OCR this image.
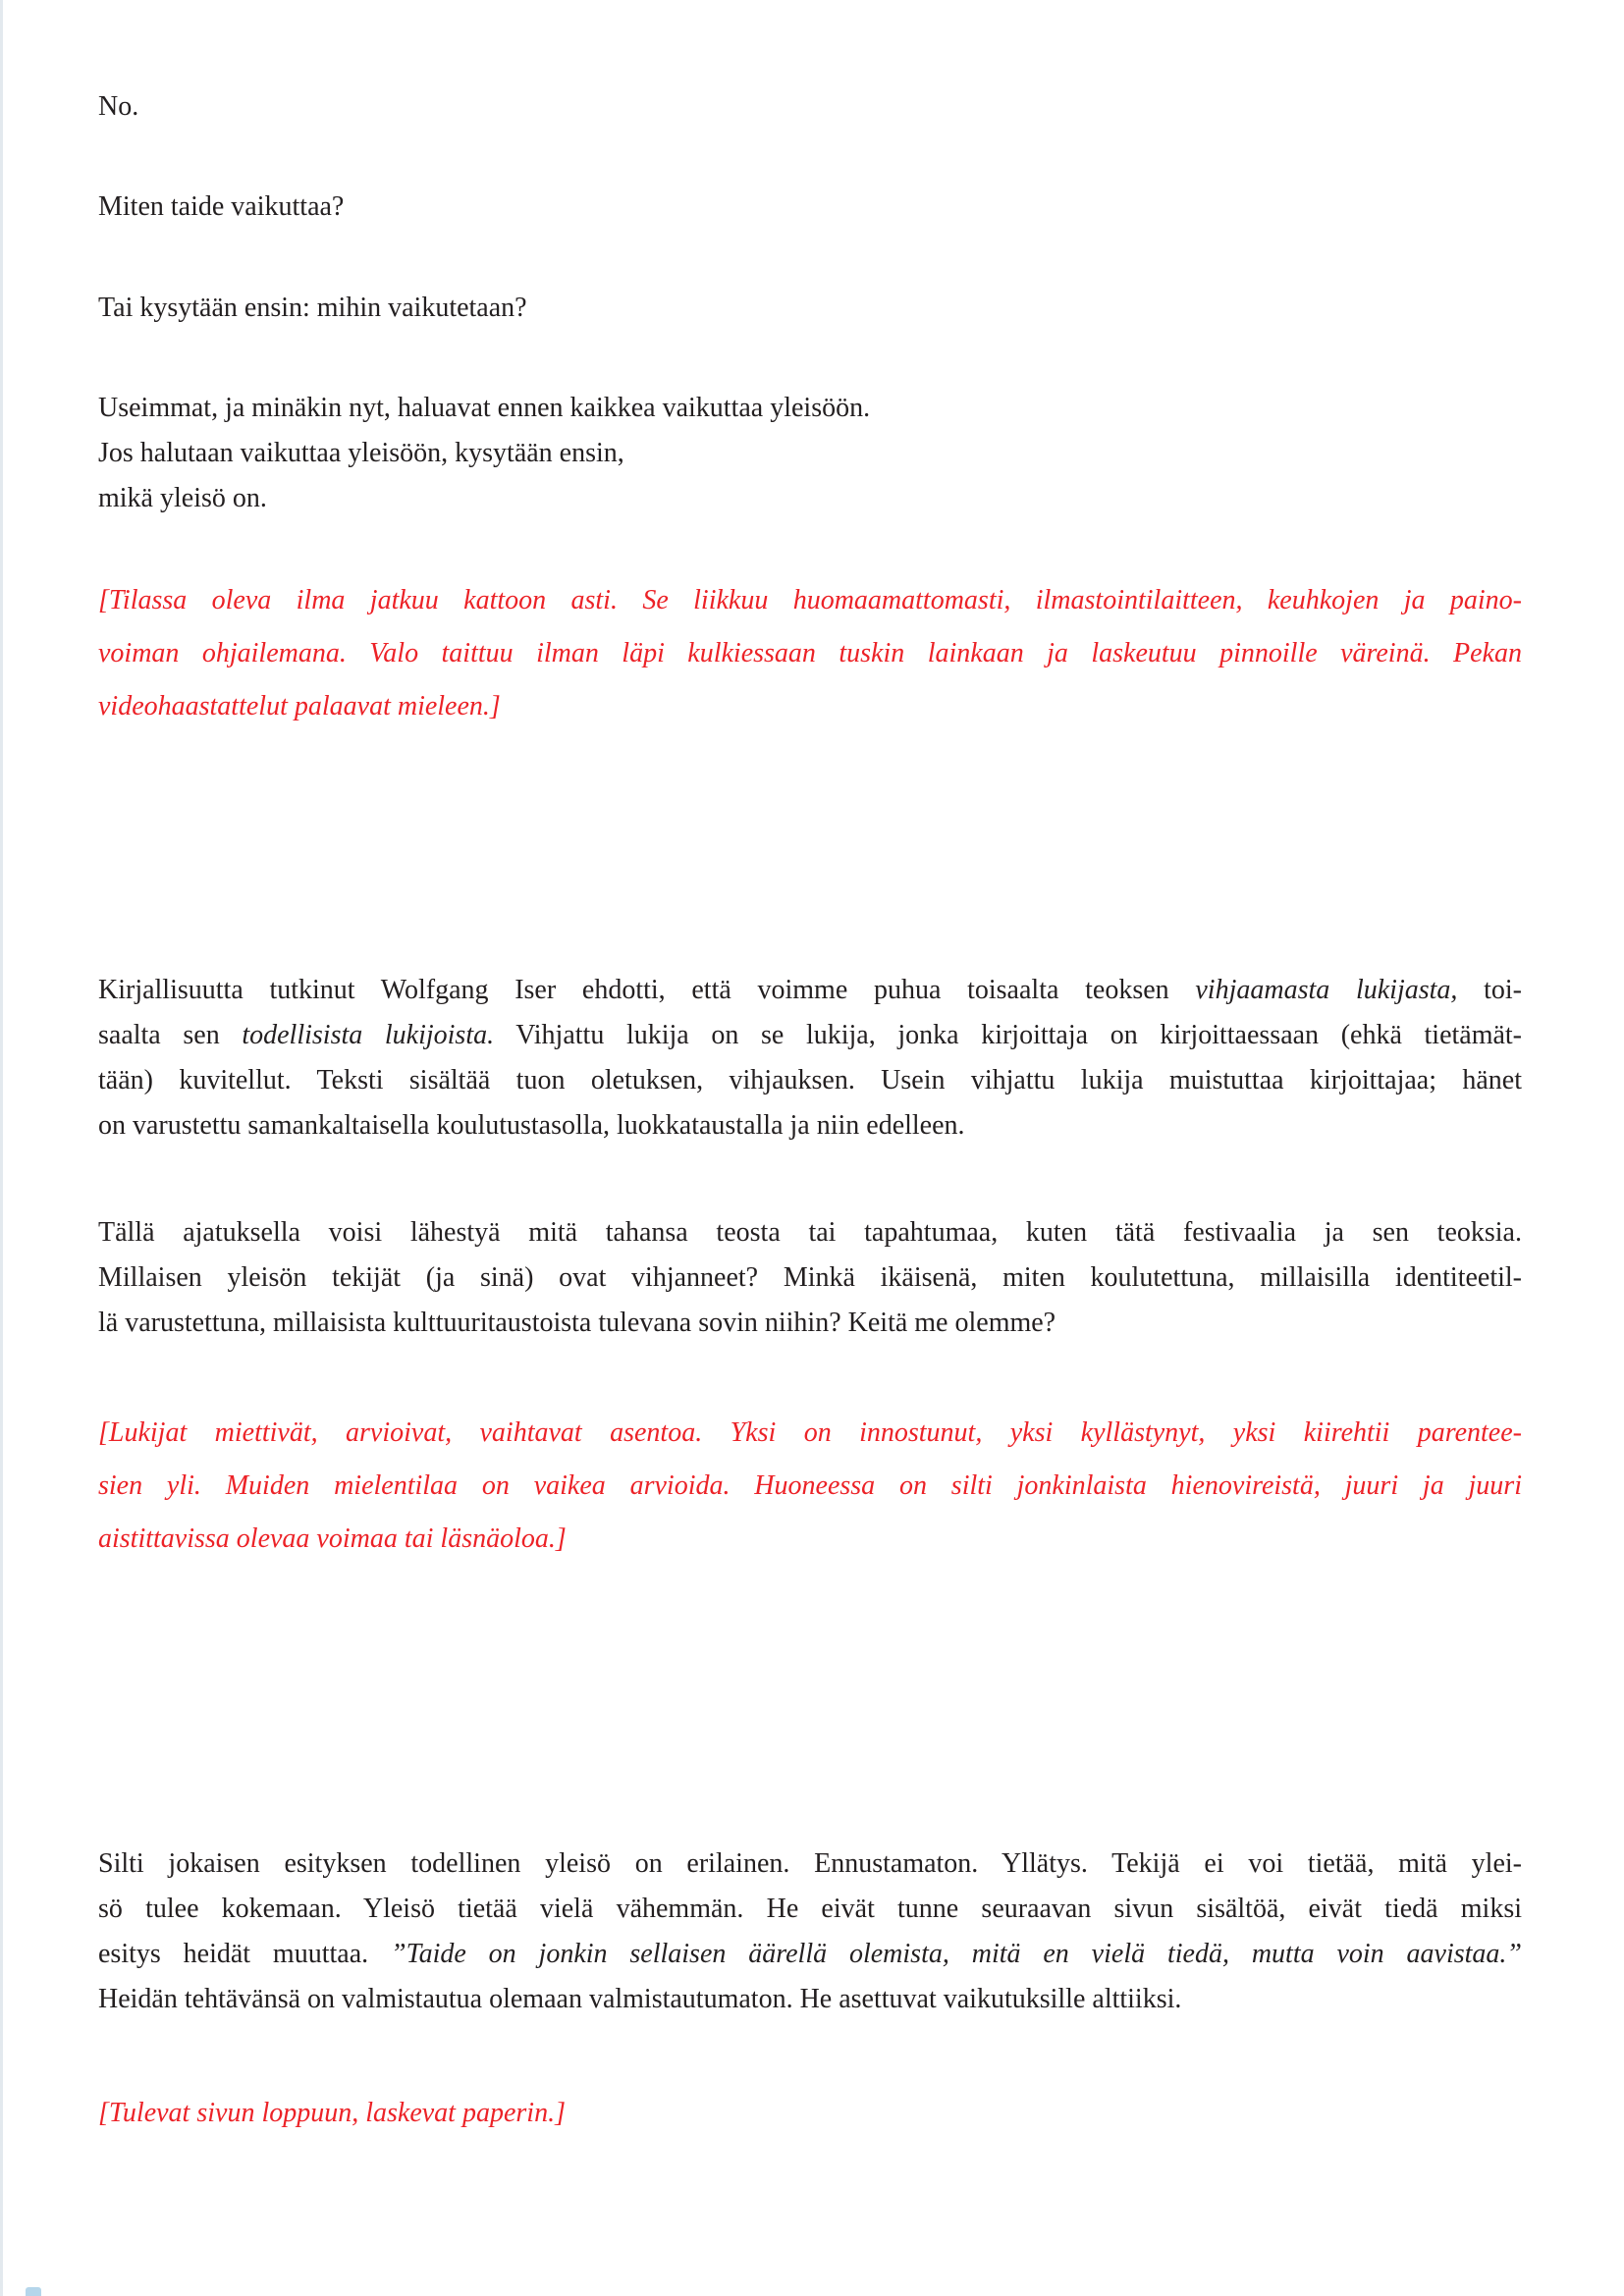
No.
Miten taide vaikuttaa?
Tai kysytään ensin: mihin vaikutetaan?
Useimmat, ja minäkin nyt, haluavat ennen kaikkea vaikuttaa yleisöön.
Jos halutaan vaikuttaa yleisöön, kysytään ensin,
mikä yleisö on.
[Tilassa oleva ilma jatkuu kattoon asti. Se liikkuu huomaamattomasti, ilmastointilaitteen, keuhkojen ja paino-
voiman ohjailemana. Valo taittuu ilman läpi kulkiessaan tuskin lainkaan ja laskeutuu pinnoille väreinä. Pekan
videohaastattelut palaavat mieleen.]
Kirjallisuutta tutkinut Wolfgang Iser ehdotti, että voimme puhua toisaalta teoksen vihjaamasta lukijasta, toi-
saalta sen todellisista lukijoista. Vihjattu lukija on se lukija, jonka kirjoittaja on kirjoittaessaan (ehkä tietämät-
tään) kuvitellut. Teksti sisältää tuon oletuksen, vihjauksen. Usein vihjattu lukija muistuttaa kirjoittajaa; hänet
on varustettu samankaltaisella koulutustasolla, luokkataustalla ja niin edelleen.
Tällä ajatuksella voisi lähestyä mitä tahansa teosta tai tapahtumaa, kuten tätä festivaalia ja sen teoksia.
Millaisen yleisön tekijät (ja sinä) ovat vihjanneet? Minkä ikäisenä, miten koulutettuna, millaisilla identiteetil-
lä varustettuna, millaisista kulttuuritaustoista tulevana sovin niihin? Keitä me olemme?
[Lukijat miettivät, arvioivat, vaihtavat asentoa. Yksi on innostunut, yksi kyllästynyt, yksi kiirehtii parentee-
sien yli. Muiden mielentilaa on vaikea arvioida. Huoneessa on silti jonkinlaista hienovireistä, juuri ja juuri
aistittavissa olevaa voimaa tai läsnäoloa.]
Silti jokaisen esityksen todellinen yleisö on erilainen. Ennustamaton. Yllätys. Tekijä ei voi tietää, mitä ylei-
sö tulee kokemaan. Yleisö tietää vielä vähemmän. He eivät tunne seuraavan sivun sisältöä, eivät tiedä miksi
esitys heidät muuttaa. ”Taide on jonkin sellaisen äärellä olemista, mitä en vielä tiedä, mutta voin aavistaa.”
Heidän tehtävänsä on valmistautua olemaan valmistautumaton. He asettuvat vaikutuksille alttiiksi.
[Tulevat sivun loppuun, laskevat paperin.]
